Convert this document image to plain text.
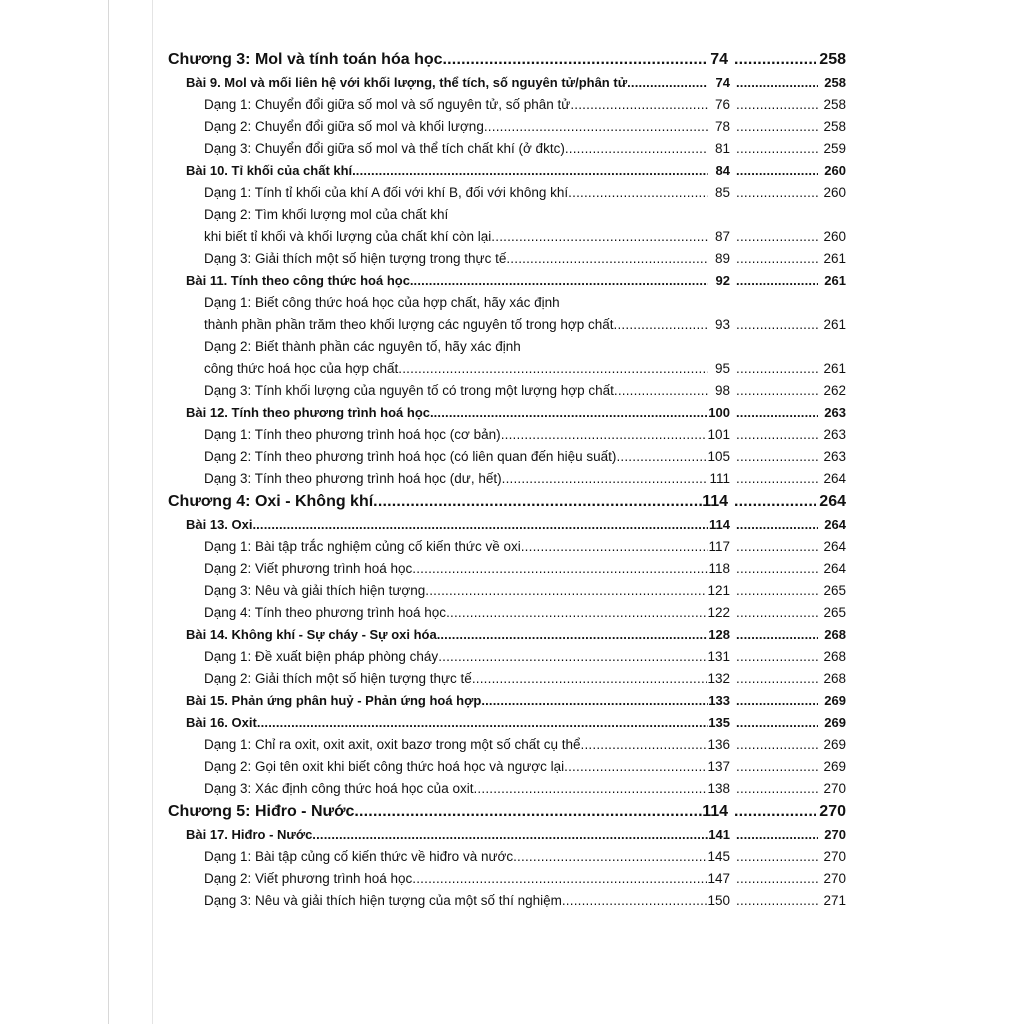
Chương 3: Mol và tính toán hóa học .....	74 .....	258
Bài 9. Mol và mối liên hệ với khối lượng, thể tích, số nguyên tử/phân tử .....	74 .....	258
Dạng 1: Chuyển đổi giữa số mol và số nguyên tử, số phân tử .....	76 .....	258
Dạng 2: Chuyển đổi giữa số mol và khối lượng .....	78 .....	258
Dạng 3: Chuyển đổi giữa số mol và thể tích chất khí (ở đktc) .....	81 .....	259
Bài 10. Tỉ khối của chất khí. .....	84 .....	260
Dạng 1: Tính tỉ khối của khí A đối với khí B, đối với không khí .....	85 .....	260
Dạng 2: Tìm khối lượng mol của chất khí
khi biết tỉ khối và khối lượng của chất khí còn lại .....	87 .....	260
Dạng 3: Giải thích một số hiện tượng trong thực tế .....	89 .....	261
Bài 11. Tính theo công thức hoá học. .....	92 .....	261
Dạng 1: Biết công thức hoá học của hợp chất, hãy xác định
thành phần phần trăm theo khối lượng các nguyên tố trong hợp chất .....	93 .....	261
Dạng 2: Biết thành phần các nguyên tố, hãy xác định
công thức hoá học của hợp chất .....	95 .....	261
Dạng 3: Tính khối lượng của nguyên tố có trong một lượng hợp chất .....	98 .....	262
Bài 12. Tính theo phương trình hoá học. .....	100 .....	263
Dạng 1: Tính theo phương trình hoá học (cơ bản) .....	101 .....	263
Dạng 2: Tính theo phương trình hoá học (có liên quan đến hiệu suất) .....	105 .....	263
Dạng 3: Tính theo phương trình hoá học (dư, hết) .....	111 .....	264
Chương 4: Oxi - Không khí .....	114 .....	264
Bài 13. Oxi. .....	114 .....	264
Dạng 1: Bài tập trắc nghiệm củng cố kiến thức về oxi .....	117 .....	264
Dạng 2: Viết phương trình hoá học .....	118 .....	264
Dạng 3: Nêu và giải thích hiện tượng .....	121 .....	265
Dạng 4: Tính theo phương trình hoá học .....	122 .....	265
Bài 14. Không khí - Sự cháy - Sự oxi hóa. .....	128 .....	268
Dạng 1: Đề xuất biện pháp phòng cháy .....	131 .....	268
Dạng 2: Giải thích một số hiện tượng thực tế .....	132 .....	268
Bài 15. Phản ứng phân huỷ - Phản ứng hoá hợp .....	133 .....	269
Bài 16. Oxit .....	135 .....	269
Dạng 1: Chỉ ra oxit, oxit axit, oxit bazơ trong một số chất cụ thể .....	136 .....	269
Dạng 2: Gọi tên oxit khi biết công thức hoá học và ngược lại .....	137 .....	269
Dạng 3: Xác định công thức hoá học của oxit .....	138 .....	270
Chương 5: Hiđro - Nước .....	114 .....	270
Bài 17. Hiđro - Nước .....	141 .....	270
Dạng 1: Bài tập củng cố kiến thức về hiđro và nước .....	145 .....	270
Dạng 2: Viết phương trình hoá học .....	147 .....	270
Dạng 3: Nêu và giải thích hiện tượng của một số thí nghiệm .....	150 .....	271
